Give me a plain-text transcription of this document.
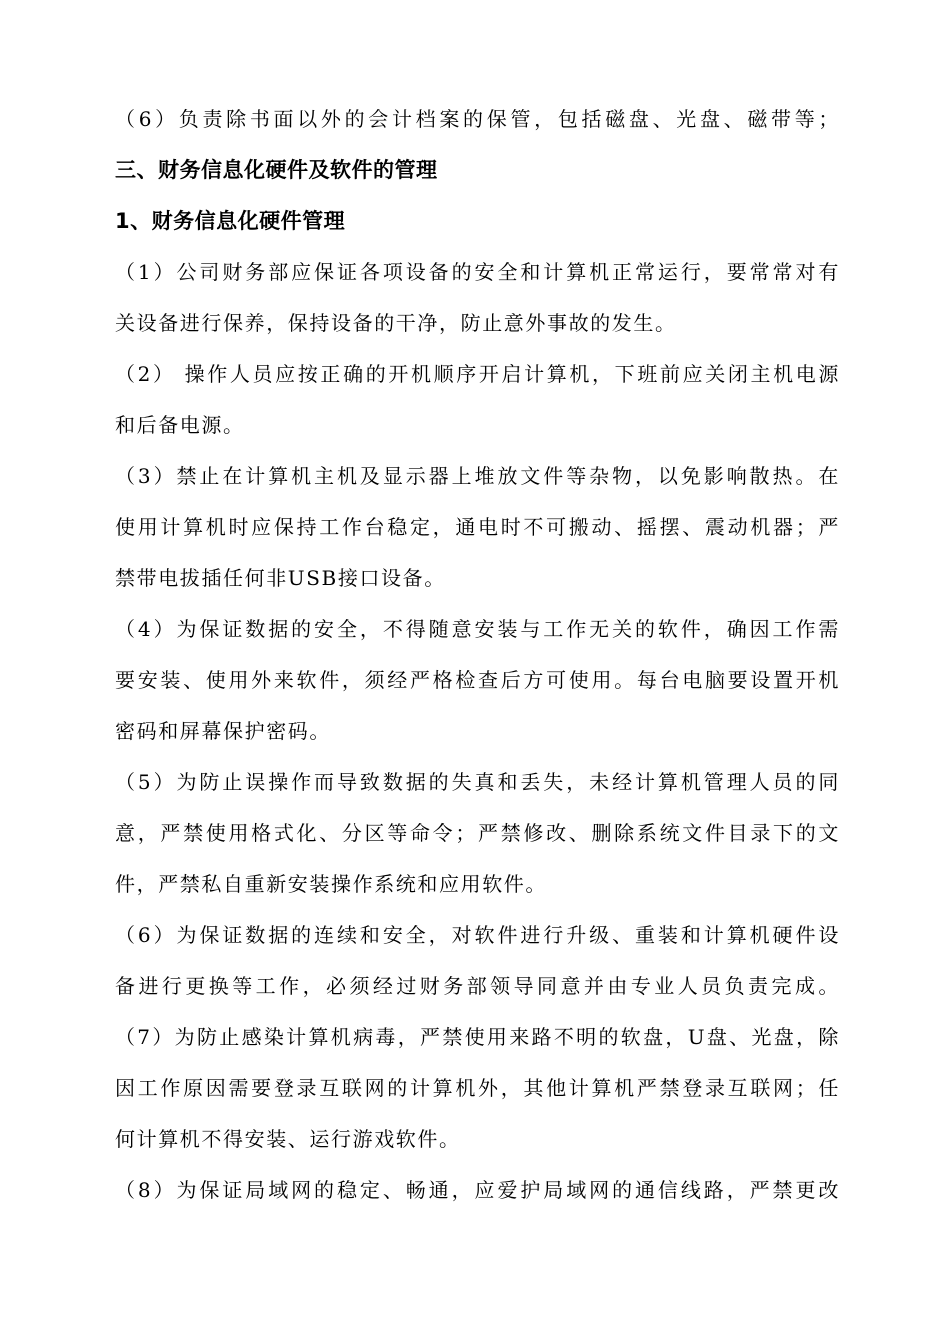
（6）负责除书面以外的会计档案的保管，包括磁盘、光盘、磁带等；
三、财务信息化硬件及软件的管理
1、财务信息化硬件管理
（1）公司财务部应保证各项设备的安全和计算机正常运行，要常常对有
关设备进行保养，保持设备的干净，防止意外事故的发生。
（2） 操作人员应按正确的开机顺序开启计算机，下班前应关闭主机电源
和后备电源。
（3）禁止在计算机主机及显示器上堆放文件等杂物，以免影响散热。在
使用计算机时应保持工作台稳定，通电时不可搬动、摇摆、震动机器；严
禁带电拔插任何非USB接口设备。
（4）为保证数据的安全，不得随意安装与工作无关的软件，确因工作需
要安装、使用外来软件，须经严格检查后方可使用。每台电脑要设置开机
密码和屏幕保护密码。
（5）为防止误操作而导致数据的失真和丢失，未经计算机管理人员的同
意，严禁使用格式化、分区等命令；严禁修改、删除系统文件目录下的文
件，严禁私自重新安装操作系统和应用软件。
（6）为保证数据的连续和安全，对软件进行升级、重装和计算机硬件设
备进行更换等工作，必须经过财务部领导同意并由专业人员负责完成。
（7）为防止感染计算机病毒，严禁使用来路不明的软盘，U盘、光盘，除
因工作原因需要登录互联网的计算机外，其他计算机严禁登录互联网；任
何计算机不得安装、运行游戏软件。
（8）为保证局域网的稳定、畅通，应爱护局域网的通信线路，严禁更改
